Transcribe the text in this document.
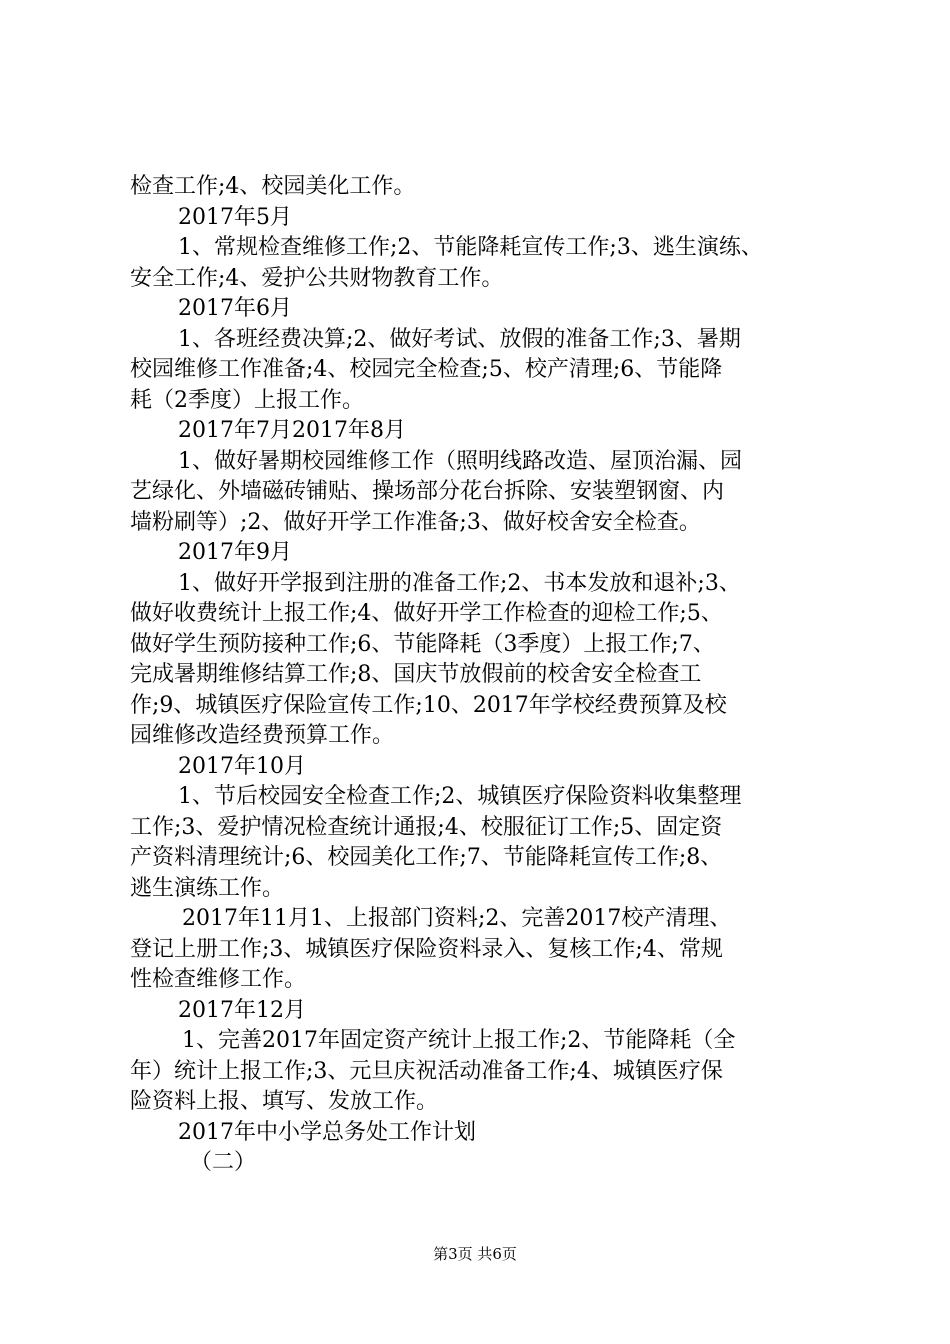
检查工作;4、校园美化工作。
2017年5月
1、常规检查维修工作;2、节能降耗宣传工作;3、逃生演练、
安全工作;4、爱护公共财物教育工作。
2017年6月
1、各班经费决算;2、做好考试、放假的准备工作;3、暑期
校园维修工作准备;4、校园完全检查;5、校产清理;6、节能降
耗（2季度）上报工作。
2017年7月2017年8月
1、做好暑期校园维修工作（照明线路改造、屋顶治漏、园
艺绿化、外墙磁砖铺贴、操场部分花台拆除、安装塑钢窗、内
墙粉刷等）;2、做好开学工作准备;3、做好校舍安全检查。
2017年9月
1、做好开学报到注册的准备工作;2、书本发放和退补;3、
做好收费统计上报工作;4、做好开学工作检查的迎检工作;5、
做好学生预防接种工作;6、节能降耗（3季度）上报工作;7、
完成暑期维修结算工作;8、国庆节放假前的校舍安全检查工
作;9、城镇医疗保险宣传工作;10、2017年学校经费预算及校
园维修改造经费预算工作。
2017年10月
1、节后校园安全检查工作;2、城镇医疗保险资料收集整理
工作;3、爱护情况检查统计通报;4、校服征订工作;5、固定资
产资料清理统计;6、校园美化工作;7、节能降耗宣传工作;8、
逃生演练工作。
2017年11月1、上报部门资料;2、完善2017校产清理、
登记上册工作;3、城镇医疗保险资料录入、复核工作;4、常规
性检查维修工作。
2017年12月
1、完善2017年固定资产统计上报工作;2、节能降耗（全
年）统计上报工作;3、元旦庆祝活动准备工作;4、城镇医疗保
险资料上报、填写、发放工作。
2017年中小学总务处工作计划
（二）
第3页 共6页
